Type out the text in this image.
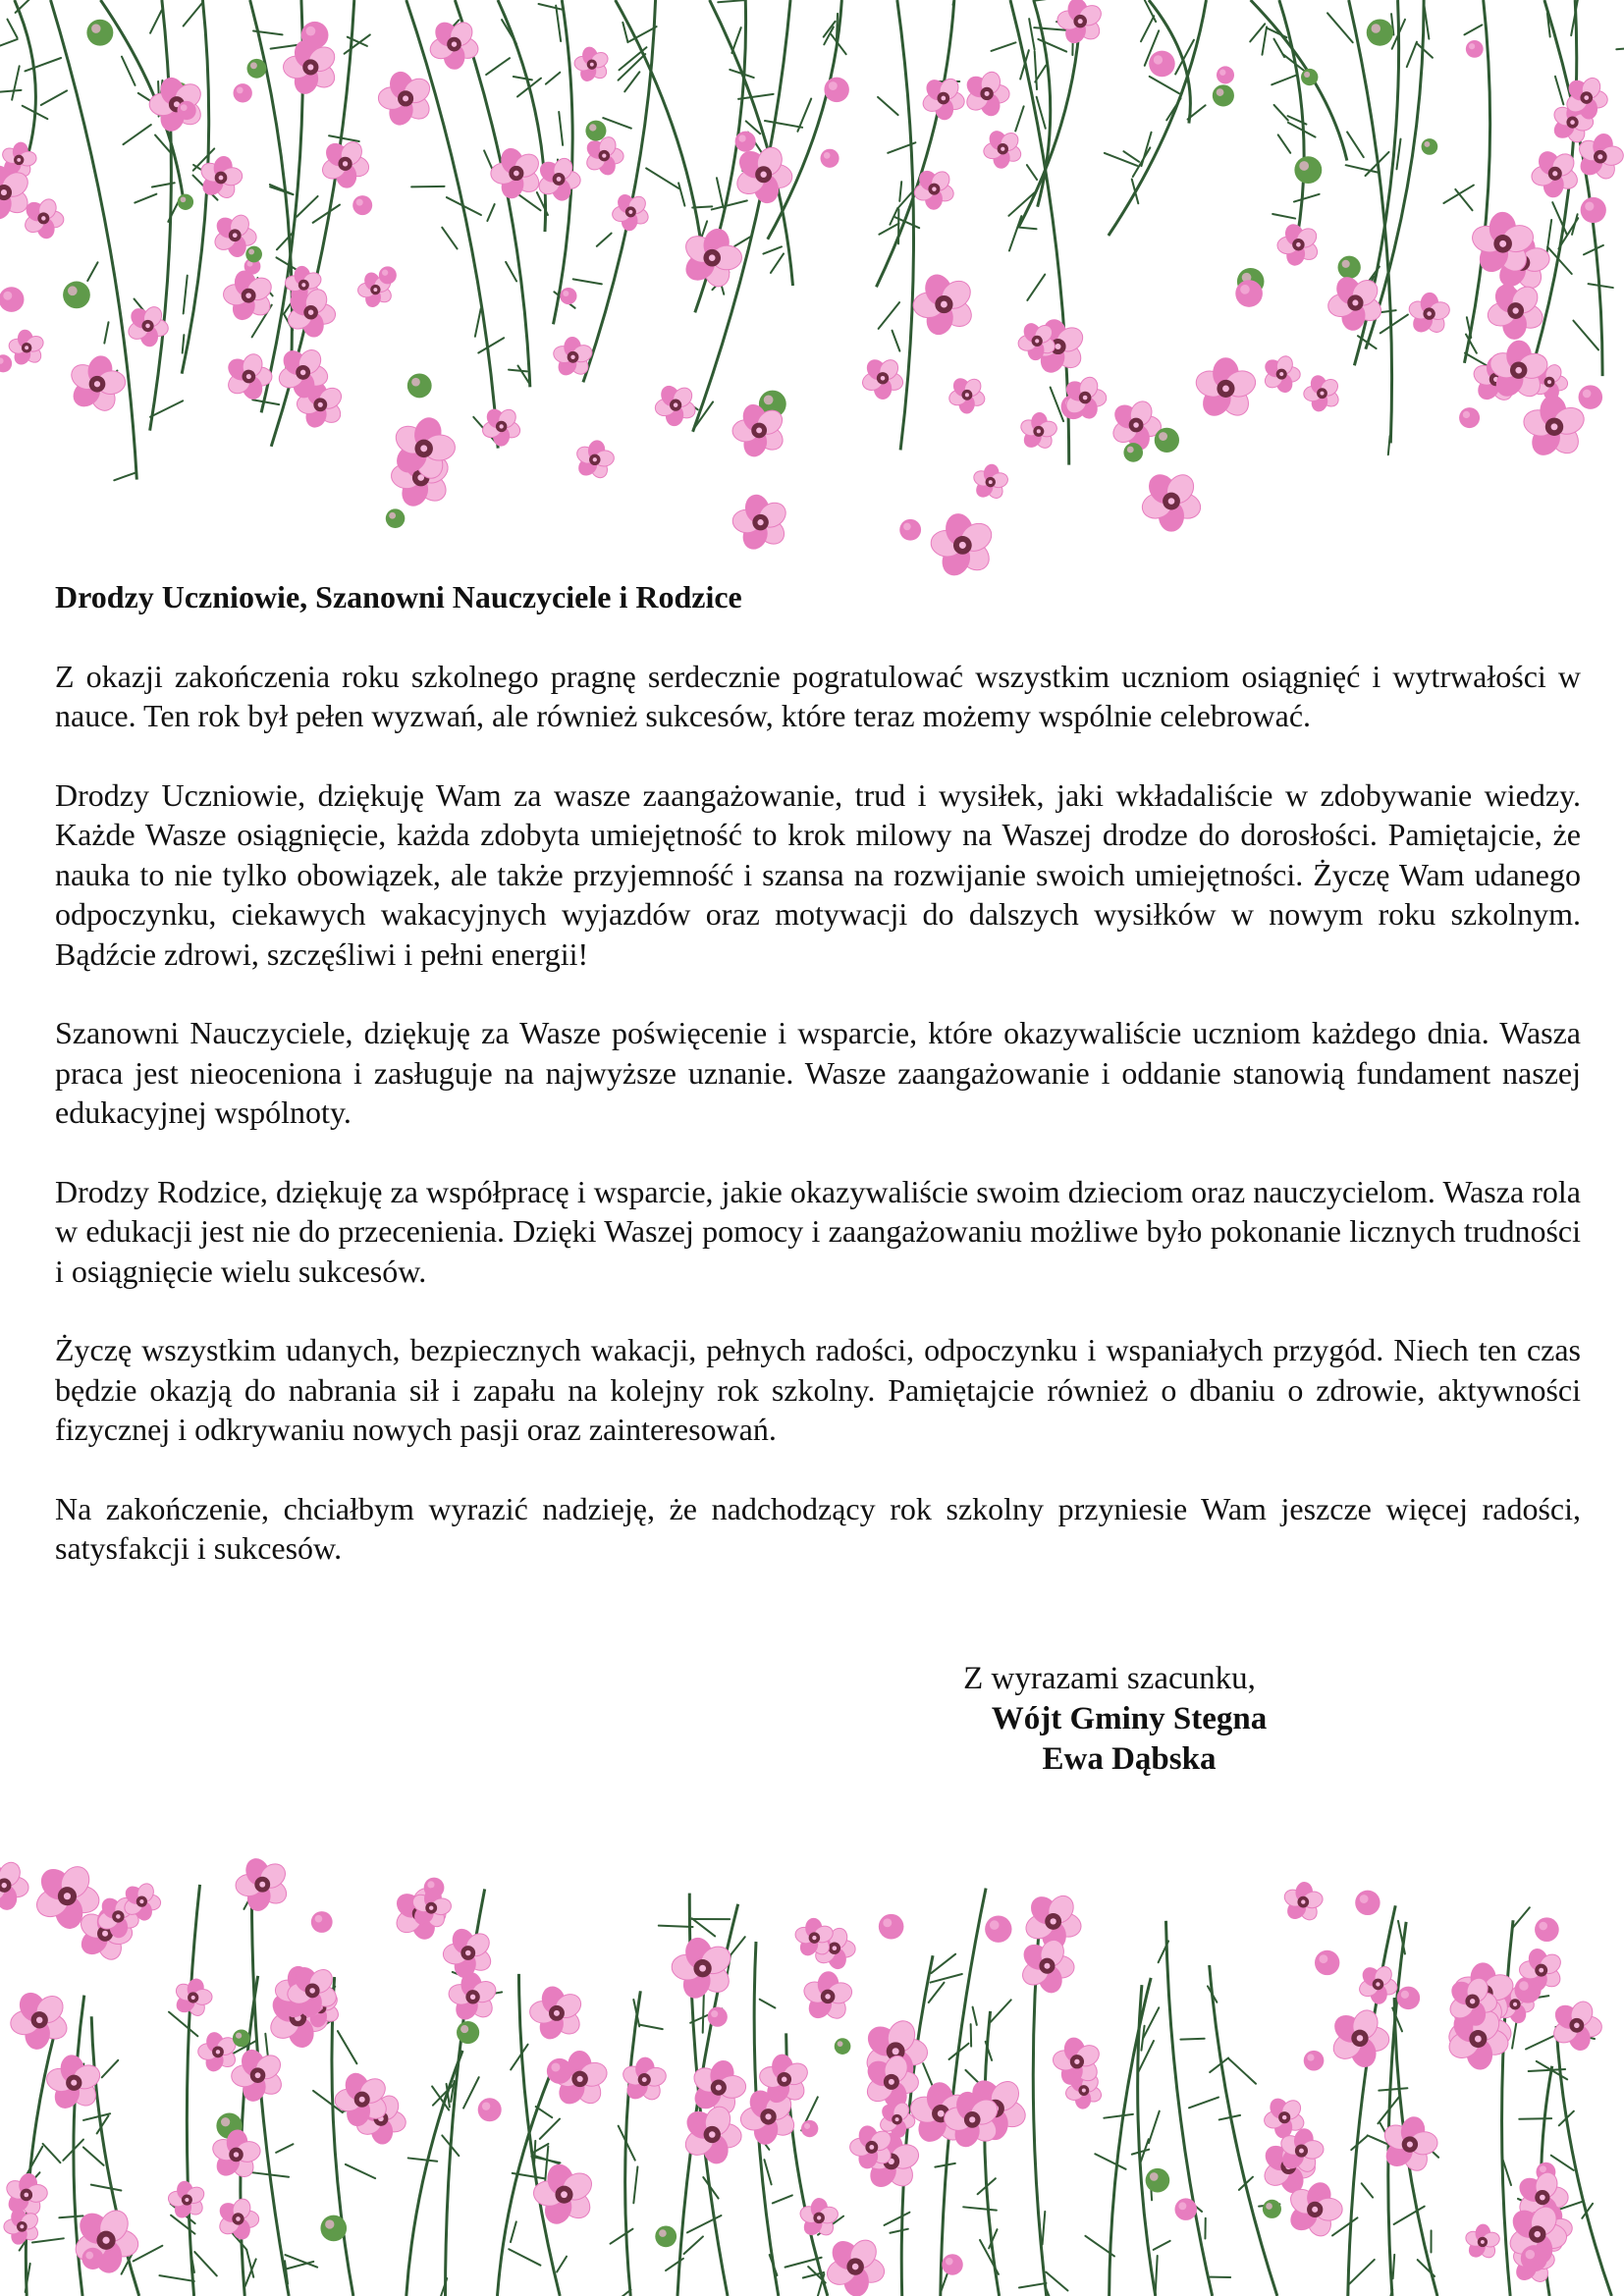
Drodzy Uczniowie, Szanowni Nauczyciele i Rodzice

Z okazji zakończenia roku szkolnego pragnę serdecznie pogratulować wszystkim uczniom osiągnięć i wytrwałości w nauce. Ten rok był pełen wyzwań, ale również sukcesów, które teraz możemy wspólnie celebrować.

Drodzy Uczniowie, dziękuję Wam za wasze zaangażowanie, trud i wysiłek, jaki wkładaliście w zdobywanie wiedzy. Każde Wasze osiągnięcie, każda zdobyta umiejętność to krok milowy na Waszej drodze do dorosłości. Pamiętajcie, że nauka to nie tylko obowiązek, ale także przyjemność i szansa na rozwijanie swoich umiejętności. Życzę Wam udanego odpoczynku, ciekawych wakacyjnych wyjazdów oraz motywacji do dalszych wysiłków w nowym roku szkolnym. Bądźcie zdrowi, szczęśliwi i pełni energii!

Szanowni Nauczyciele, dziękuję za Wasze poświęcenie i wsparcie, które okazywaliście uczniom każdego dnia. Wasza praca jest nieoceniona i zasługuje na najwyższe uznanie. Wasze zaangażowanie i oddanie stanowią fundament naszej edukacyjnej wspólnoty.

Drodzy Rodzice, dziękuję za współpracę i wsparcie, jakie okazywaliście swoim dzieciom oraz nauczycielom. Wasza rola w edukacji jest nie do przecenienia. Dzięki Waszej pomocy i zaangażowaniu możliwe było pokonanie licznych trudności i osiągnięcie wielu sukcesów.

Życzę wszystkim udanych, bezpiecznych wakacji, pełnych radości, odpoczynku i wspaniałych przygód. Niech ten czas będzie okazją do nabrania sił i zapału na kolejny rok szkolny. Pamiętajcie również o dbaniu o zdrowie, aktywności fizycznej i odkrywaniu nowych pasji oraz zainteresowań.

Na zakończenie, chciałbym wyrazić nadzieję, że nadchodzący rok szkolny przyniesie Wam jeszcze więcej radości, satysfakcji i sukcesów.

Z wyrazami szacunku,
Wójt Gminy Stegna
Ewa Dąbska
